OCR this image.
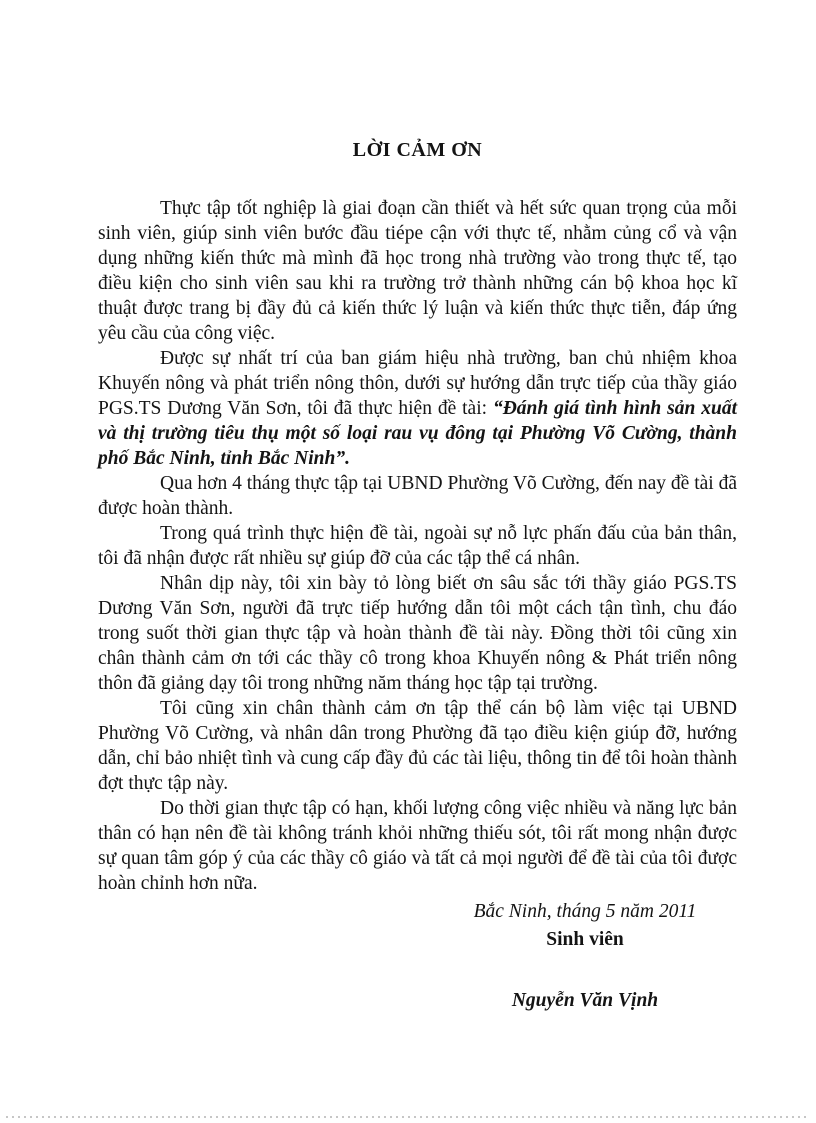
LỜI CẢM ƠN

Thực tập tốt nghiệp là giai đoạn cần thiết và hết sức quan trọng của mỗi sinh viên, giúp sinh viên bước đầu tiépe cận với thực tế, nhằm củng cổ và vận dụng những kiến thức mà mình đã học trong nhà trường vào trong thực tế, tạo điều kiện cho sinh viên sau khi ra trường trở thành những cán bộ khoa học kĩ thuật được trang bị đầy đủ cả kiến thức lý luận và kiến thức thực tiễn, đáp ứng yêu cầu của công việc.

Được sự nhất trí của ban giám hiệu nhà trường, ban chủ nhiệm khoa Khuyến nông và phát triển nông thôn, dưới sự hướng dẫn trực tiếp của thầy giáo PGS.TS Dương Văn Sơn, tôi đã thực hiện đề tài: “Đánh giá tình hình sản xuất và thị trường tiêu thụ một số loại rau vụ đông tại Phường Võ Cường, thành phố Bắc Ninh, tỉnh Bắc Ninh”.

Qua hơn 4 tháng thực tập tại UBND Phường Võ Cường, đến nay đề tài đã được hoàn thành.

Trong quá trình thực hiện đề tài, ngoài sự nỗ lực phấn đấu của bản thân, tôi đã nhận được rất nhiều sự giúp đỡ của các tập thể cá nhân.

Nhân dịp này, tôi xin bày tỏ lòng biết ơn sâu sắc tới thầy giáo PGS.TS Dương Văn Sơn, người đã trực tiếp hướng dẫn tôi một cách tận tình, chu đáo trong suốt thời gian thực tập và hoàn thành đề tài này. Đồng thời tôi cũng xin chân thành cảm ơn tới các thầy cô trong khoa Khuyến nông & Phát triển nông thôn đã giảng dạy tôi trong những năm tháng học tập tại trường.

Tôi cũng xin chân thành cảm ơn tập thể cán bộ làm việc tại UBND Phường Võ Cường, và nhân dân trong Phường đã tạo điều kiện giúp đỡ, hướng dẫn, chỉ bảo nhiệt tình và cung cấp đầy đủ các tài liệu, thông tin để tôi hoàn thành đợt thực tập này.

Do thời gian thực tập có hạn, khối lượng công việc nhiều và năng lực bản thân có hạn nên đề tài không tránh khỏi những thiếu sót, tôi rất mong nhận được sự quan tâm góp ý của các thầy cô giáo và tất cả mọi người để đề tài của tôi được hoàn chỉnh hơn nữa.

Bắc Ninh, tháng 5 năm 2011
Sinh viên
Nguyễn Văn Vịnh
